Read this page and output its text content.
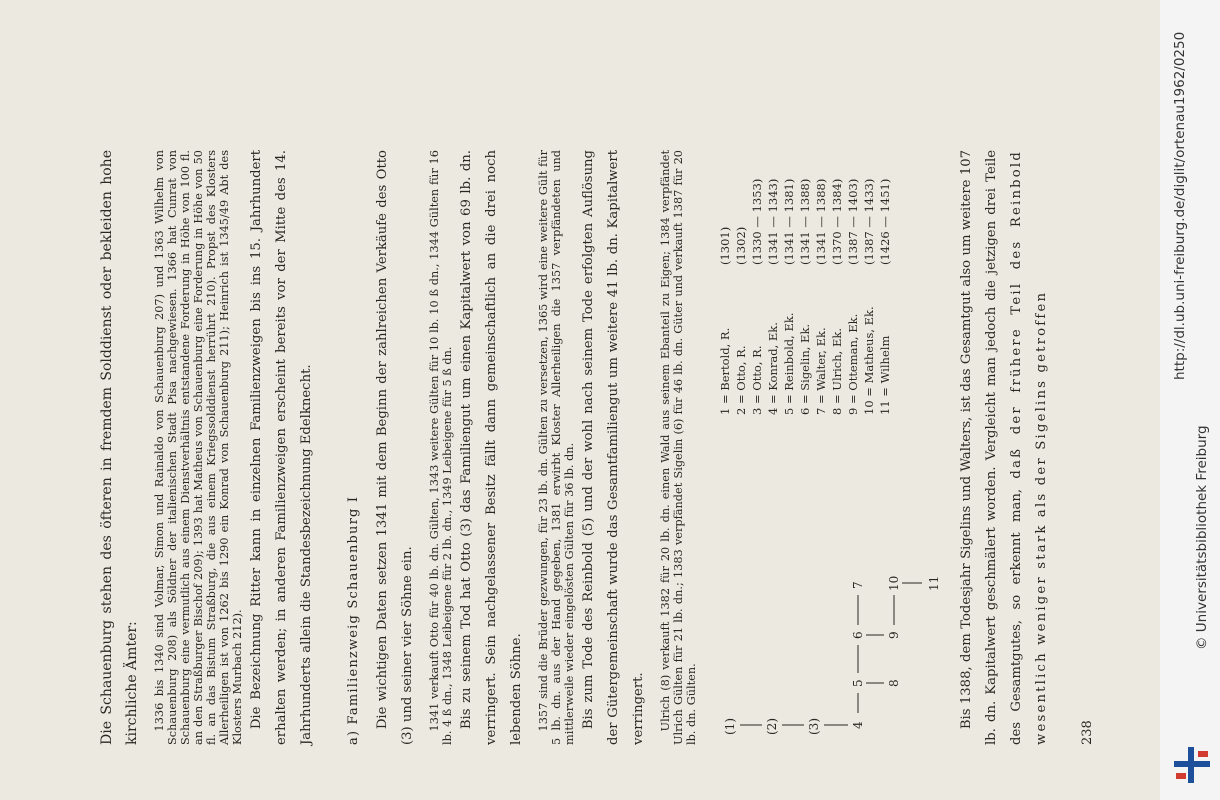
Die Schauenburg stehen des öfteren in fremdem Solddienst oder bekleiden hohe kirchliche Ämter:	1336 bis 1340 sind Volmar, Simon und Rainaldo von Schauenburg 207) und 1363 Wilhelm von Schauenburg 208) als Söldner der italienischen Stadt Pisa nachgewiesen. 1366 hat Cunrat von Schauenburg eine vermutlich aus einem Dienstverhältnis entstandene Forderung in Höhe von 100 fl. an den Straßburger Bischof 209); 1393 hat Matheus von Schauenburg eine Forderung in Höhe von 50 fl. an das Bistum Straßburg, die aus einem Kriegssolddienst herrührt 210). Propst des Klosters Allerheiligen ist von 1262 bis 1290 ein Konrad von Schauenburg 211); Heinrich ist 1345/49 Abt des Klosters Murbach 212). Die Bezeichnung Ritter kann in einzelnen Familienzweigen bis ins 15. Jahrhundert erhalten werden; in anderen Familienzweigen erscheint bereits vor der Mitte des 14. Jahrhunderts allein die Standesbezeichnung Edelknecht.	a) Familienzweig Schauenburg I	Die wichtigen Daten setzen 1341 mit dem Beginn der zahlreichen Verkäufe des Otto (3) und seiner vier Söhne ein.	1341 verkauft Otto für 40 lb. dn. Gülten, 1343 weitere Gülten für 10 lb. 10 ß dn., 1344 Gülten für 16 lb. 4 ß dn., 1348 Leibeigene für 2 lb. dn., 1349 Leibeigene für 5 ß dn. Bis zu seinem Tod hat Otto (3) das Familiengut um einen Kapitalwert von 69 lb. dn. verringert. Sein nachgelassener Besitz fällt dann gemeinschaftlich an die drei noch lebenden Söhne.	1357 sind die Brüder gezwungen, für 23 lb. dn. Gülten zu versetzen, 1365 wird eine weitere Gült für 5 lb. dn. aus der Hand gegeben, 1381 erwirbt Kloster Allerheiligen die 1357 verpfändeten und mittlerweile wieder eingelösten Gülten für 36 lb. dn. Bis zum Tode des Reinbold (5) und der wohl nach seinem Tode erfolgten Auflösung der Gütergemeinschaft wurde das Gesamtfamiliengut um weitere 41 lb. dn. Kapitalwert verringert.	Ulrich (8) verkauft 1382 für 20 lb. dn. einen Wald aus seinem Ebanteil zu Eigen; 1384 verpfändet Ulrich Gülten für 21 lb. dn.; 1383 verpfändet Sigelin (6) für 46 lb. dn. Güter und verkauft 1387 für 20 lb. dn. Gülten. (1) (2) (3)	4
5
6
7
8
9
10 11
1 = Bertold, R.
(1301)
2 = Otto, R.
(1302)
3 = Otto, R.
(1330 — 1353)
4 = Konrad, Ek.
(1341 — 1343)
5 = Reinbold, Ek.
(1341 — 1381)
6 = Sigelin, Ek.
(1341 — 1388)
7 = Walter, Ek.
(1341 — 1388)
8 = Ulrich, Ek.
(1370 — 1384)
9 = Otteman, Ek.
(1387 — 1403)
10 = Matheus, Ek.
(1387 — 1433)
11 = Wilhelm
(1426 — 1451)	Bis 1388, dem Todesjahr Sigelins und Walters, ist das Gesamtgut also um weitere 107 lb. dn. Kapitalwert geschmälert worden. Vergleicht man jedoch die jetzigen drei Teile des Gesamtgutes, so erkennt man, daß der frühere Teil des Reinbold wesentlich weniger stark als der Sigelins getroffen	238
http://dl.ub.uni-freiburg.de/diglit/ortenau1962/0250
© Universitätsbibliothek Freiburg
